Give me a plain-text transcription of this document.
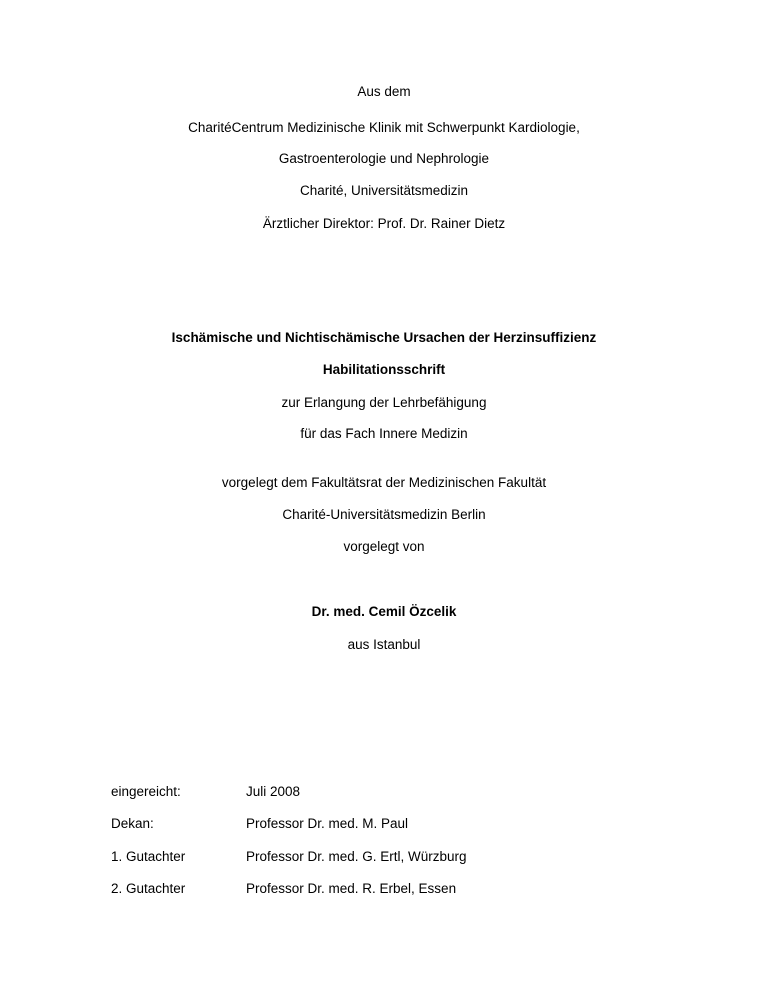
Aus dem
CharitéCentrum Medizinische Klinik mit Schwerpunkt Kardiologie,
Gastroenterologie und Nephrologie
Charité, Universitätsmedizin
Ärztlicher Direktor: Prof. Dr. Rainer Dietz
Ischämische und Nichtischämische Ursachen der Herzinsuffizienz
Habilitationsschrift
zur Erlangung der Lehrbefähigung
für das Fach Innere Medizin
vorgelegt dem Fakultätsrat der Medizinischen Fakultät
Charité-Universitätsmedizin Berlin
vorgelegt von
Dr. med. Cemil Özcelik
aus Istanbul
eingereicht:	Juli 2008
Dekan:	Professor Dr. med. M. Paul
1. Gutachter	Professor Dr. med. G. Ertl, Würzburg
2. Gutachter	Professor Dr. med. R. Erbel, Essen
